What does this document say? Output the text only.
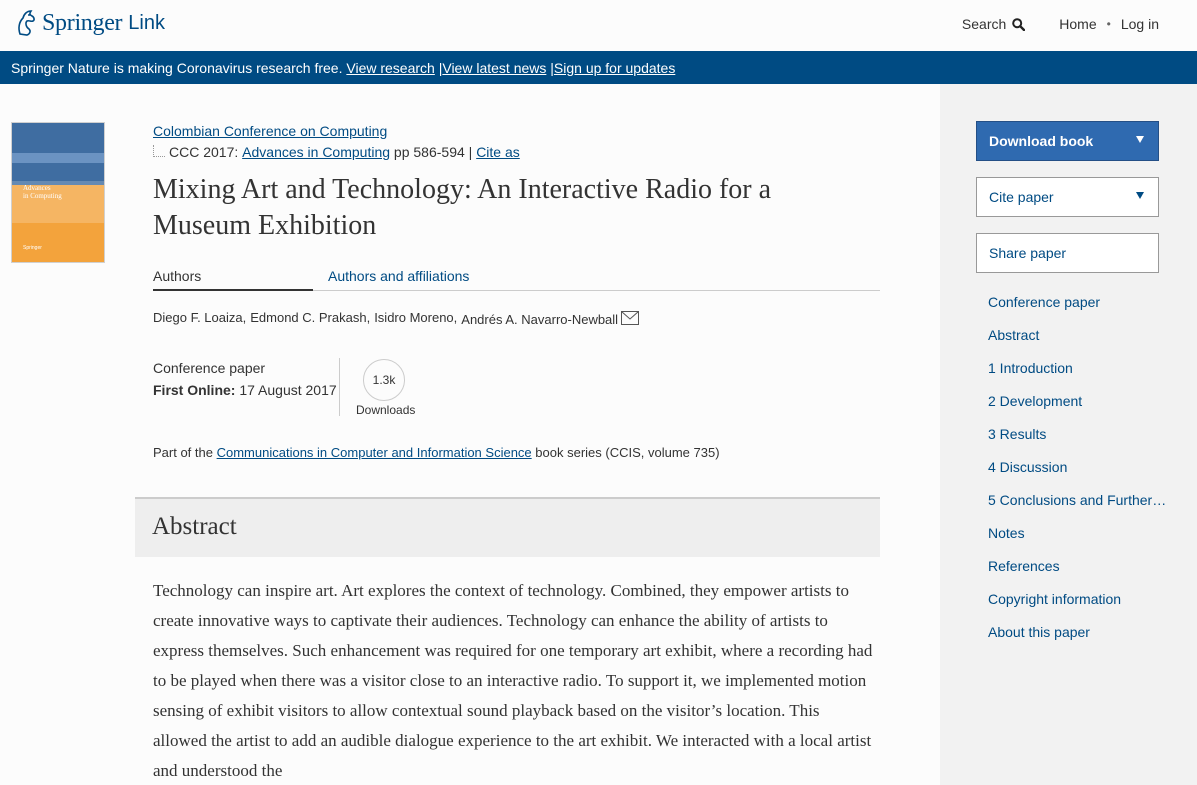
Springer Link	Search	Home • Log in
Springer Nature is making Coronavirus research free. View research |View latest news |Sign up for updates
Advances
in Computing
Springer
Colombian Conference on Computing
CCC 2017:
Advances in Computing
pp 586-594
|
Cite as
Mixing Art and Technology: An Interactive Radio for a Museum Exhibition
Authors	Authors and affiliations
Diego F. Loaiza, Edmond C. Prakash, Isidro Moreno, Andrés A. Navarro-Newball
Conference paper
First Online: 17 August 2017
1.3k
Downloads
Part of the Communications in Computer and Information Science book series (CCIS, volume 735)
Abstract

Technology can inspire art. Art explores the context of technology. Combined, they empower artists to create innovative ways to captivate their audiences. Technology can enhance the ability of artists to express themselves. Such enhancement was required for one temporary art exhibit, where a recording had to be played when there was a visitor close to an interactive radio. To support it, we implemented motion sensing of exhibit visitors to allow contextual sound playback based on the visitor’s location. This allowed the artist to add an audible dialogue experience to the art exhibit. We interacted with a local artist and understood the

Download book
Cite paper
Share paper
Conference paper
Abstract
1 Introduction
2 Development
3 Results
4 Discussion
5 Conclusions and Further…
Notes
References
Copyright information
About this paper
